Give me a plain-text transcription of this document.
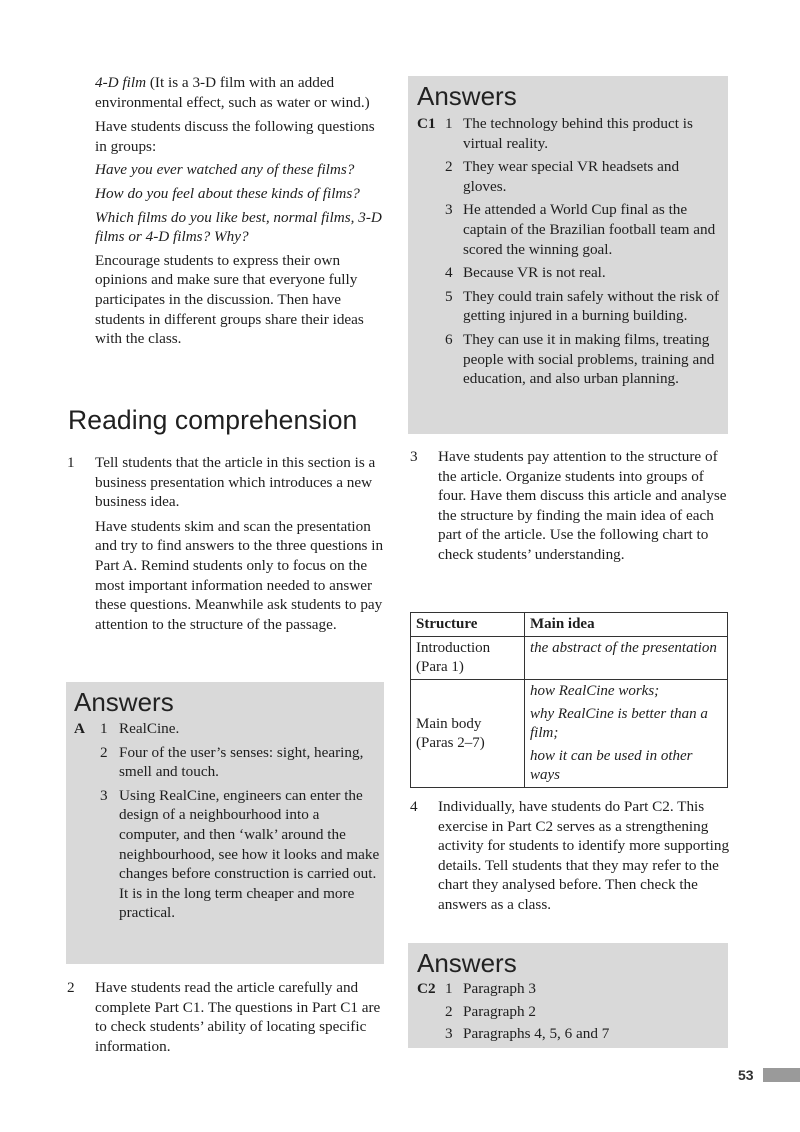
4-D film (It is a 3-D film with an added environmental effect, such as water or wind.)

Have students discuss the following questions in groups:

Have you ever watched any of these films?

How do you feel about these kinds of films?

Which films do you like best, normal films, 3-D films or 4-D films? Why?

Encourage students to express their own opinions and make sure that everyone fully participates in the discussion. Then have students in different groups share their ideas with the class.

Reading comprehension
1 Tell students that the article in this section is a business presentation which introduces a new business idea.

Have students skim and scan the presentation and try to find answers to the three questions in Part A. Remind students only to focus on the most important information needed to answer these questions. Meanwhile ask students to pay attention to the structure of the passage.

Answers
A 1 RealCine.
2 Four of the user’s senses: sight, hearing, smell and touch.
3 Using RealCine, engineers can enter the design of a neighbourhood into a computer, and then ‘walk’ around the neighbourhood, see how it looks and make changes before construction is carried out. It is in the long term cheaper and more practical.
2 Have students read the article carefully and complete Part C1. The questions in Part C1 are to check students’ ability of locating specific information.

Answers
C1 1 The technology behind this product is virtual reality.
2 They wear special VR headsets and gloves.
3 He attended a World Cup final as the captain of the Brazilian football team and scored the winning goal.
4 Because VR is not real.
5 They could train safely without the risk of getting injured in a burning building.
6 They can use it in making films, treating people with social problems, training and education, and also urban planning.
3 Have students pay attention to the structure of the article. Organize students into groups of four. Have them discuss this article and analyse the structure by finding the main idea of each part of the article. Use the following chart to check students’ understanding.

Structure	Main idea
Introduction (Para 1)	the abstract of the presentation
Main body (Paras 2–7)	how RealCine works;
why RealCine is better than a film;
how it can be used in other ways
4 Individually, have students do Part C2. This exercise in Part C2 serves as a strengthening activity for students to identify more supporting details. Tell students that they may refer to the chart they analysed before. Then check the answers as a class.

Answers
C2 1 Paragraph 3
2 Paragraph 2
3 Paragraphs 4, 5, 6 and 7
53
